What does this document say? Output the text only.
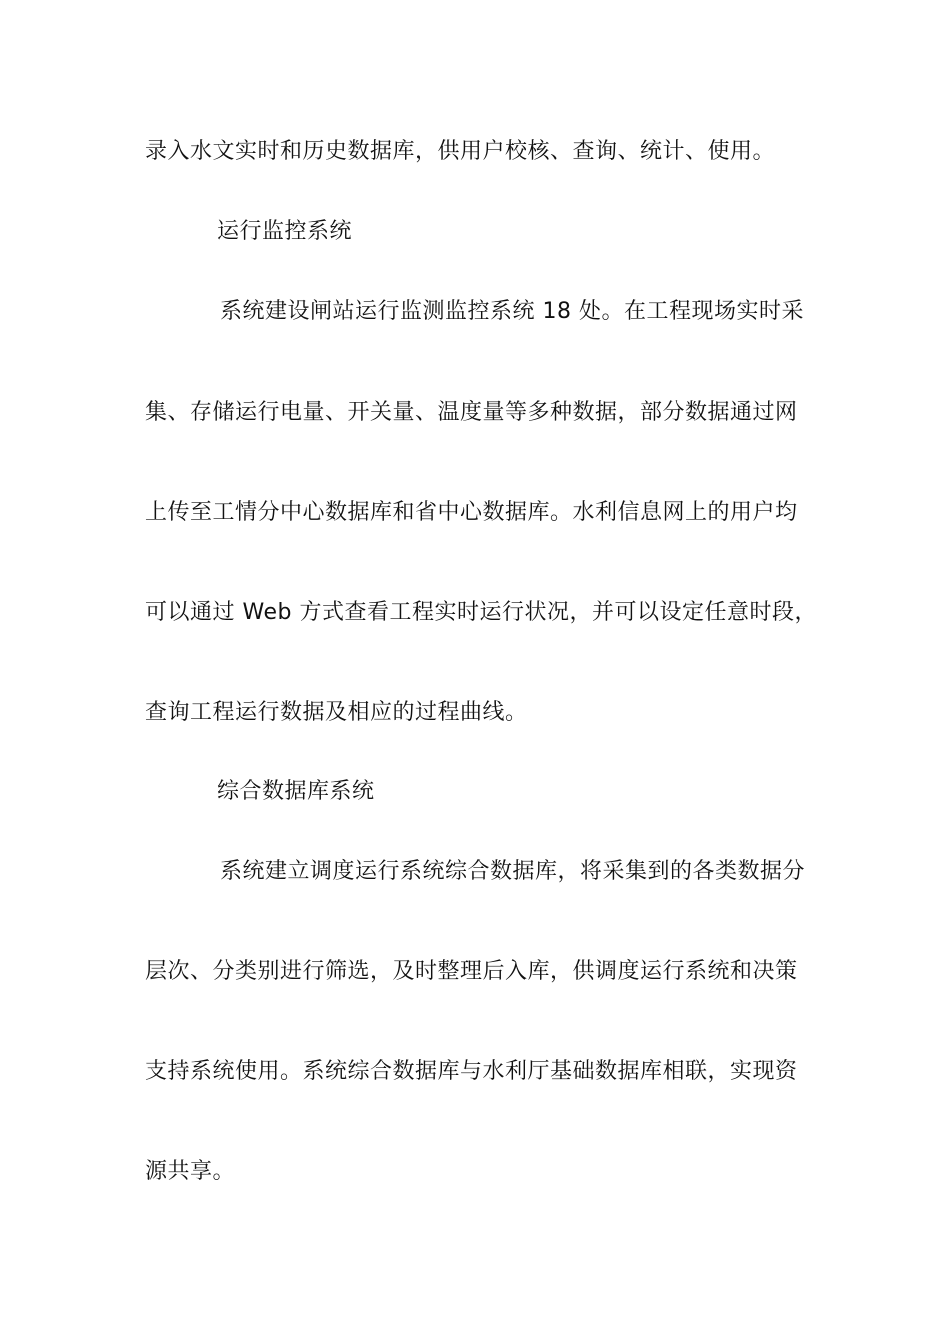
录入水文实时和历史数据库，供用户校核、查询、统计、使用。
运行监控系统
系统建设闸站运行监测监控系统 18 处。在工程现场实时采
集、存储运行电量、开关量、温度量等多种数据，部分数据通过网
上传至工情分中心数据库和省中心数据库。水利信息网上的用户均
可以通过 Web 方式查看工程实时运行状况，并可以设定任意时段，
查询工程运行数据及相应的过程曲线。
综合数据库系统
系统建立调度运行系统综合数据库，将采集到的各类数据分
层次、分类别进行筛选，及时整理后入库，供调度运行系统和决策
支持系统使用。系统综合数据库与水利厅基础数据库相联，实现资
源共享。
